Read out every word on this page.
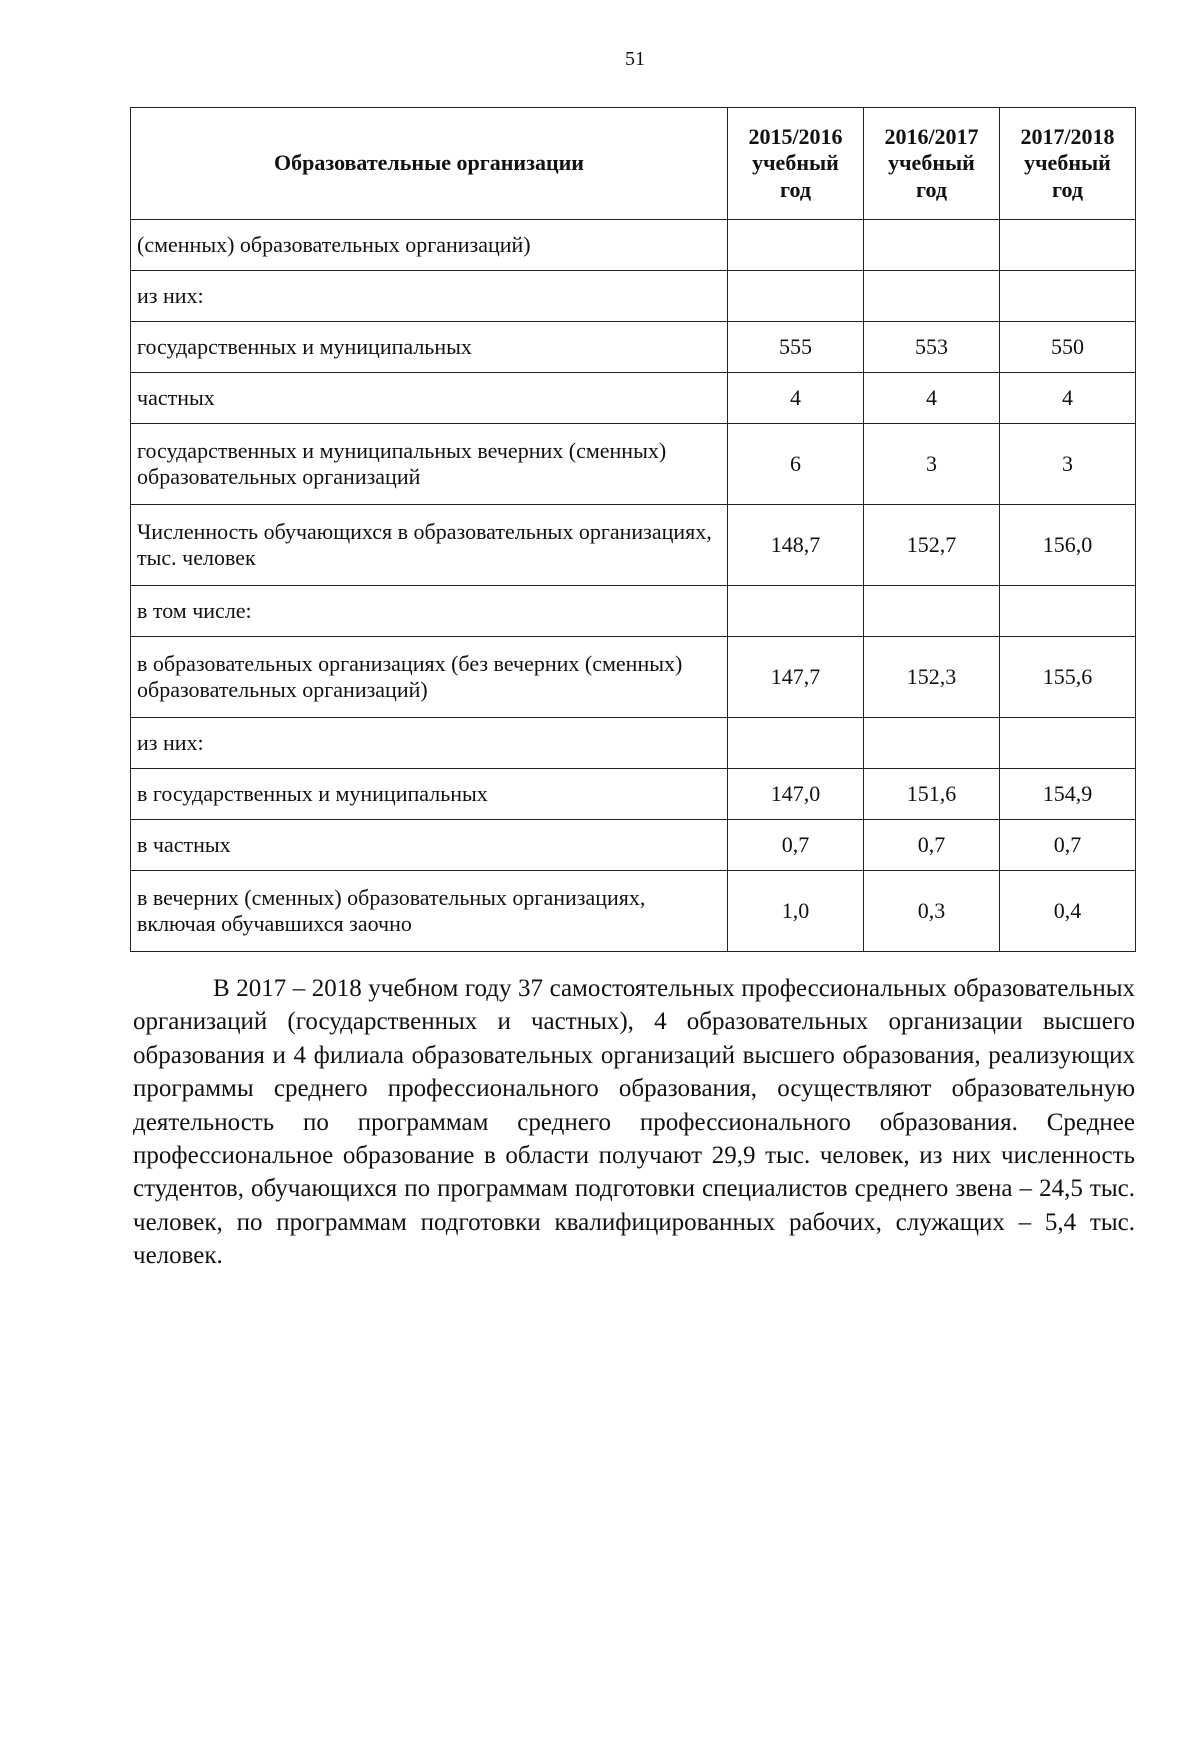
51
Образовательные организации	2015/2016 учебный год	2016/2017 учебный год	2017/2018 учебный год
(сменных) образовательных организаций)			
из них:			
государственных и муниципальных	555	553	550
частных	4	4	4
государственных и муниципальных вечерних (сменных) образовательных организаций	6	3	3
Численность обучающихся в образовательных организациях, тыс. человек	148,7	152,7	156,0
в том числе:			
в образовательных организациях (без вечерних (сменных) образовательных организаций)	147,7	152,3	155,6
из них:			
в государственных и муниципальных	147,0	151,6	154,9
в частных	0,7	0,7	0,7
в вечерних (сменных) образовательных организациях, включая обучавшихся заочно	1,0	0,3	0,4

В 2017 – 2018 учебном году 37 самостоятельных профессиональных образовательных организаций (государственных и частных), 4 образовательных организации высшего образования и 4 филиала образовательных организаций высшего образования, реализующих программы среднего профессионального образования, осуществляют образовательную деятельность по программам среднего профессионального образования. Среднее профессиональное образование в области получают 29,9 тыс. человек, из них численность студентов, обучающихся по программам подготовки специалистов среднего звена – 24,5 тыс. человек, по программам подготовки квалифицированных рабочих, служащих – 5,4 тыс. человек.
